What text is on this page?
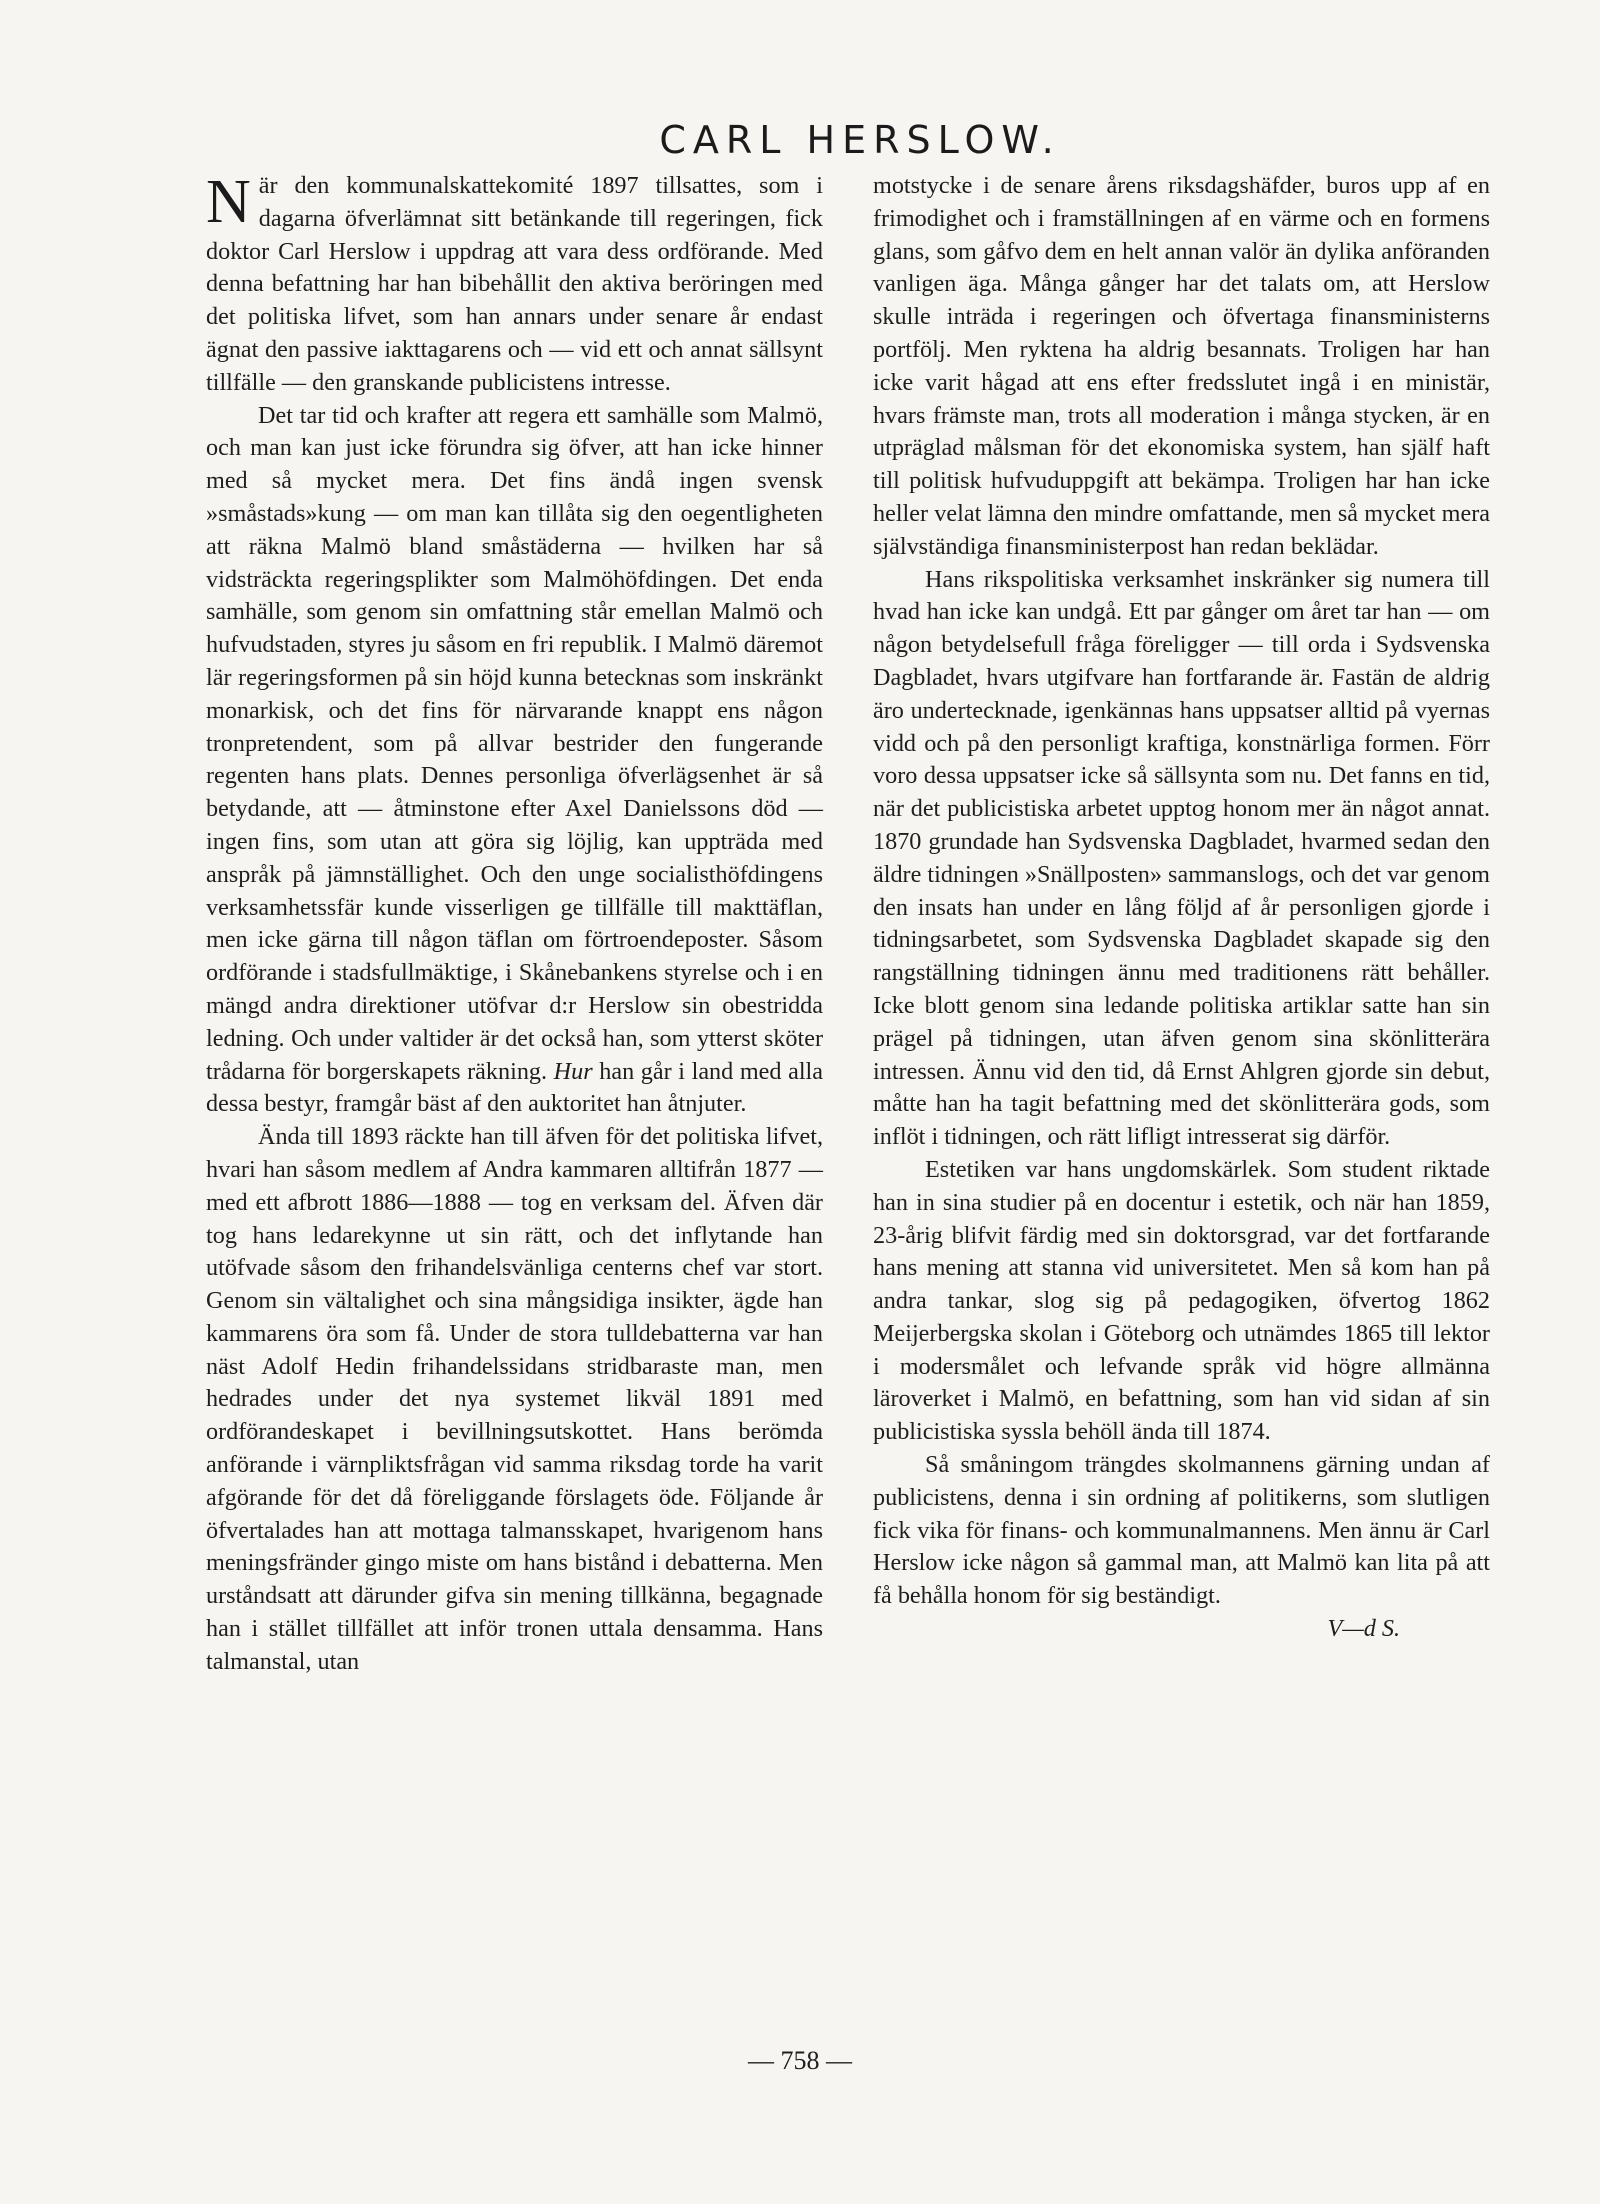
CARL HERSLOW.

När den kommunalskattekomité 1897 tillsattes, som i dagarna öfverlämnat sitt betänkande till regeringen, fick doktor Carl Herslow i uppdrag att vara dess ordförande. Med denna befattning har han bibehållit den aktiva beröringen med det politiska lifvet, som han annars under senare år endast ägnat den passive iakttagarens och — vid ett och annat sällsynt tillfälle — den granskande publicistens intresse.

Det tar tid och krafter att regera ett samhälle som Malmö, och man kan just icke förundra sig öfver, att han icke hinner med så mycket mera. Det fins ändå ingen svensk »småstads»kung — om man kan tillåta sig den oegentligheten att räkna Malmö bland småstäderna — hvilken har så vidsträckta regeringsplikter som Malmöhöfdingen. Det enda samhälle, som genom sin omfattning står emellan Malmö och hufvudstaden, styres ju såsom en fri republik. I Malmö däremot lär regeringsformen på sin höjd kunna betecknas som inskränkt monarkisk, och det fins för närvarande knappt ens någon tronpretendent, som på allvar bestrider den fungerande regenten hans plats. Dennes personliga öfverlägsenhet är så betydande, att — åtminstone efter Axel Danielssons död — ingen fins, som utan att göra sig löjlig, kan uppträda med anspråk på jämnställighet. Och den unge socialisthöfdingens verksamhetssfär kunde visserligen ge tillfälle till makttäflan, men icke gärna till någon täflan om förtroendeposter. Såsom ordförande i stadsfullmäktige, i Skånebankens styrelse och i en mängd andra direktioner utöfvar d:r Herslow sin obestridda ledning. Och under valtider är det också han, som ytterst sköter trådarna för borgerskapets räkning. Hur han går i land med alla dessa bestyr, framgår bäst af den auktoritet han åtnjuter.

Ända till 1893 räckte han till äfven för det politiska lifvet, hvari han såsom medlem af Andra kammaren alltifrån 1877 — med ett afbrott 1886—1888 — tog en verksam del. Äfven där tog hans ledarekynne ut sin rätt, och det inflytande han utöfvade såsom den frihandelsvänliga centerns chef var stort. Genom sin vältalighet och sina mångsidiga insikter, ägde han kammarens öra som få. Under de stora tulldebatterna var han näst Adolf Hedin frihandelssidans stridbaraste man, men hedrades under det nya systemet likväl 1891 med ordförandeskapet i bevillningsutskottet. Hans berömda anförande i värnpliktsfrågan vid samma riksdag torde ha varit afgörande för det då föreliggande förslagets öde. Följande år öfvertalades han att mottaga talmansskapet, hvarigenom hans meningsfränder gingo miste om hans bistånd i debatterna. Men urståndsatt att därunder gifva sin mening tillkänna, begagnade han i stället tillfället att inför tronen uttala densamma. Hans talmanstal, utan

motstycke i de senare årens riksdagshäfder, buros upp af en frimodighet och i framställningen af en värme och en formens glans, som gåfvo dem en helt annan valör än dylika anföranden vanligen äga. Många gånger har det talats om, att Herslow skulle inträda i regeringen och öfvertaga finansministerns portfölj. Men ryktena ha aldrig besannats. Troligen har han icke varit hågad att ens efter fredsslutet ingå i en ministär, hvars främste man, trots all moderation i många stycken, är en utpräglad målsman för det ekonomiska system, han själf haft till politisk hufvuduppgift att bekämpa. Troligen har han icke heller velat lämna den mindre omfattande, men så mycket mera självständiga finansministerpost han redan beklädar.

Hans rikspolitiska verksamhet inskränker sig numera till hvad han icke kan undgå. Ett par gånger om året tar han — om någon betydelsefull fråga föreligger — till orda i Sydsvenska Dagbladet, hvars utgifvare han fortfarande är. Fastän de aldrig äro undertecknade, igenkännas hans uppsatser alltid på vyernas vidd och på den personligt kraftiga, konstnärliga formen. Förr voro dessa uppsatser icke så sällsynta som nu. Det fanns en tid, när det publicistiska arbetet upptog honom mer än något annat. 1870 grundade han Sydsvenska Dagbladet, hvarmed sedan den äldre tidningen »Snällposten» sammanslogs, och det var genom den insats han under en lång följd af år personligen gjorde i tidningsarbetet, som Sydsvenska Dagbladet skapade sig den rangställning tidningen ännu med traditionens rätt behåller. Icke blott genom sina ledande politiska artiklar satte han sin prägel på tidningen, utan äfven genom sina skönlitterära intressen. Ännu vid den tid, då Ernst Ahlgren gjorde sin debut, måtte han ha tagit befattning med det skönlitterära gods, som inflöt i tidningen, och rätt lifligt intresserat sig därför.

Estetiken var hans ungdomskärlek. Som student riktade han in sina studier på en docentur i estetik, och när han 1859, 23-årig blifvit färdig med sin doktorsgrad, var det fortfarande hans mening att stanna vid universitetet. Men så kom han på andra tankar, slog sig på pedagogiken, öfvertog 1862 Meijerbergska skolan i Göteborg och utnämdes 1865 till lektor i modersmålet och lefvande språk vid högre allmänna läroverket i Malmö, en befattning, som han vid sidan af sin publicistiska syssla behöll ända till 1874.

Så småningom trängdes skolmannens gärning undan af publicistens, denna i sin ordning af politikerns, som slutligen fick vika för finans- och kommunalmannens. Men ännu är Carl Herslow icke någon så gammal man, att Malmö kan lita på att få behålla honom för sig beständigt.

V—d S.

— 758 —
